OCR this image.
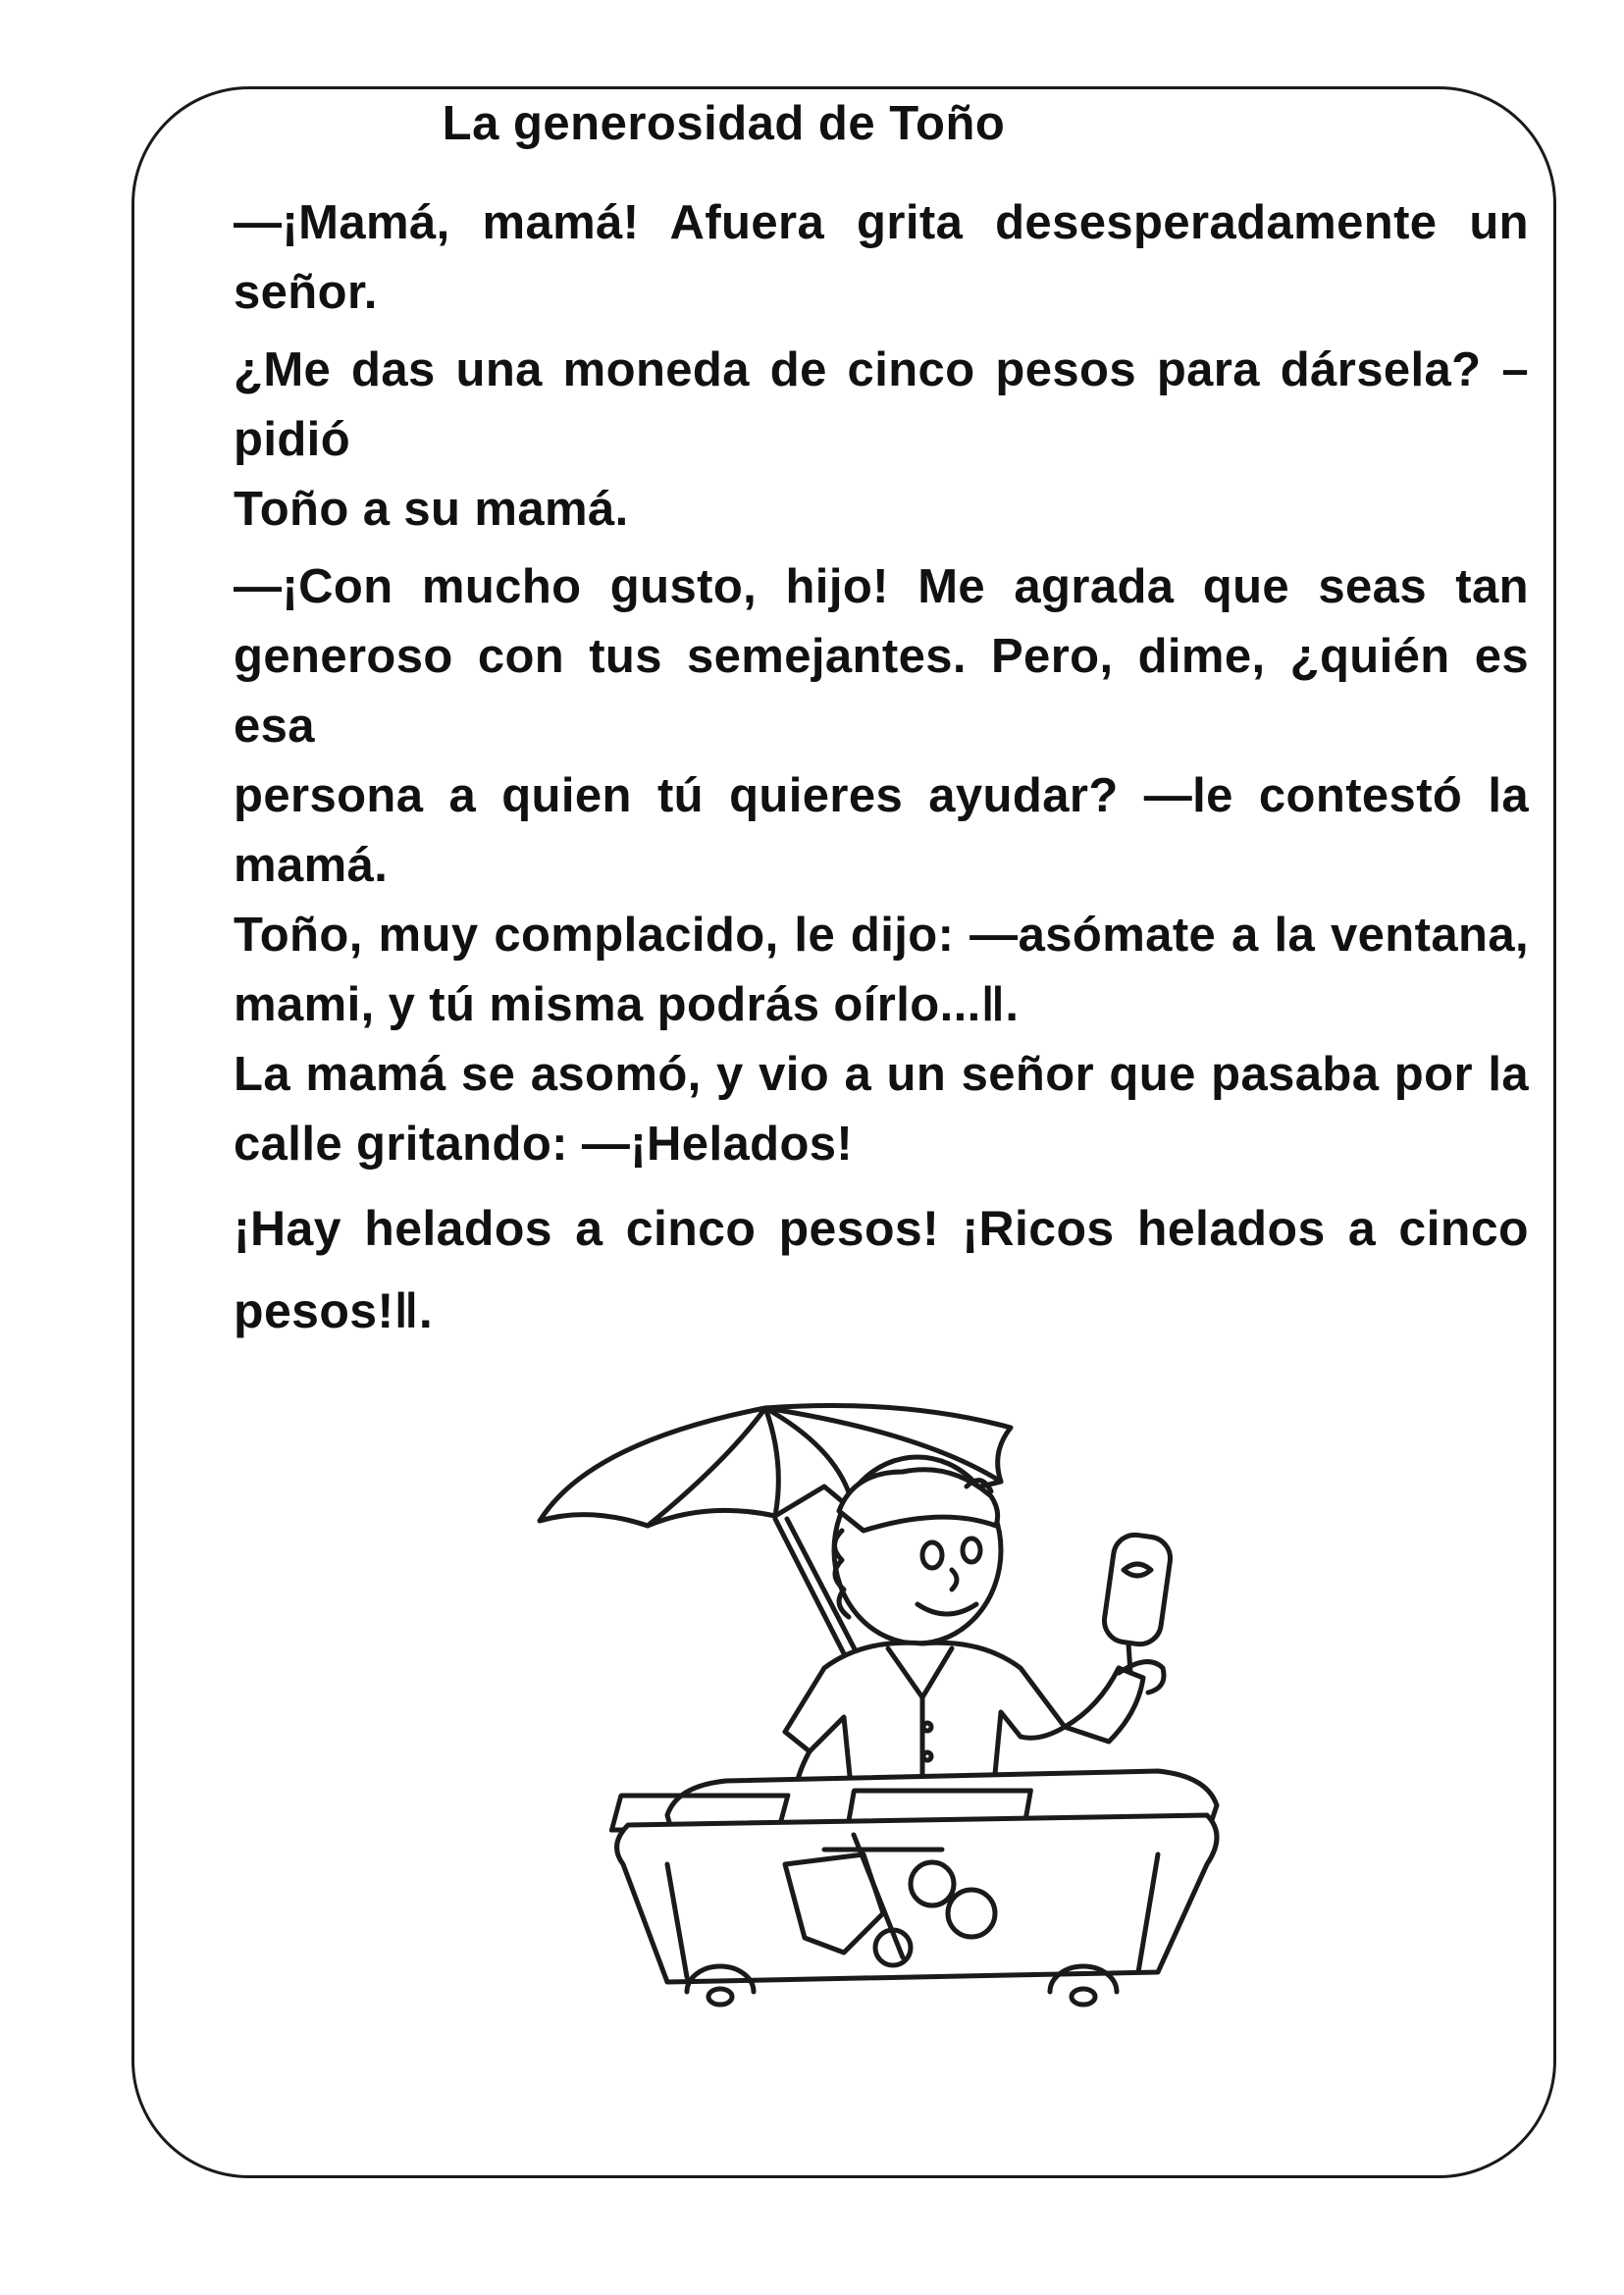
La generosidad de Toño

—¡Mamá, mamá! Afuera grita desesperadamente un señor.

¿Me das una moneda de cinco pesos para dársela? –pidió

Toño a su mamá.

—¡Con mucho gusto, hijo! Me agrada que seas tan generoso con tus semejantes. Pero, dime, ¿quién es esa

persona a quien tú quieres ayudar? —le contestó la mamá.

Toño, muy complacido, le dijo: ―asómate a la ventana, mami, y tú misma podrás oírlo...‖.

La mamá se asomó, y vio a un señor que pasaba por la calle gritando: ―¡Helados!

¡Hay helados a cinco pesos! ¡Ricos helados a cinco pesos!‖.
